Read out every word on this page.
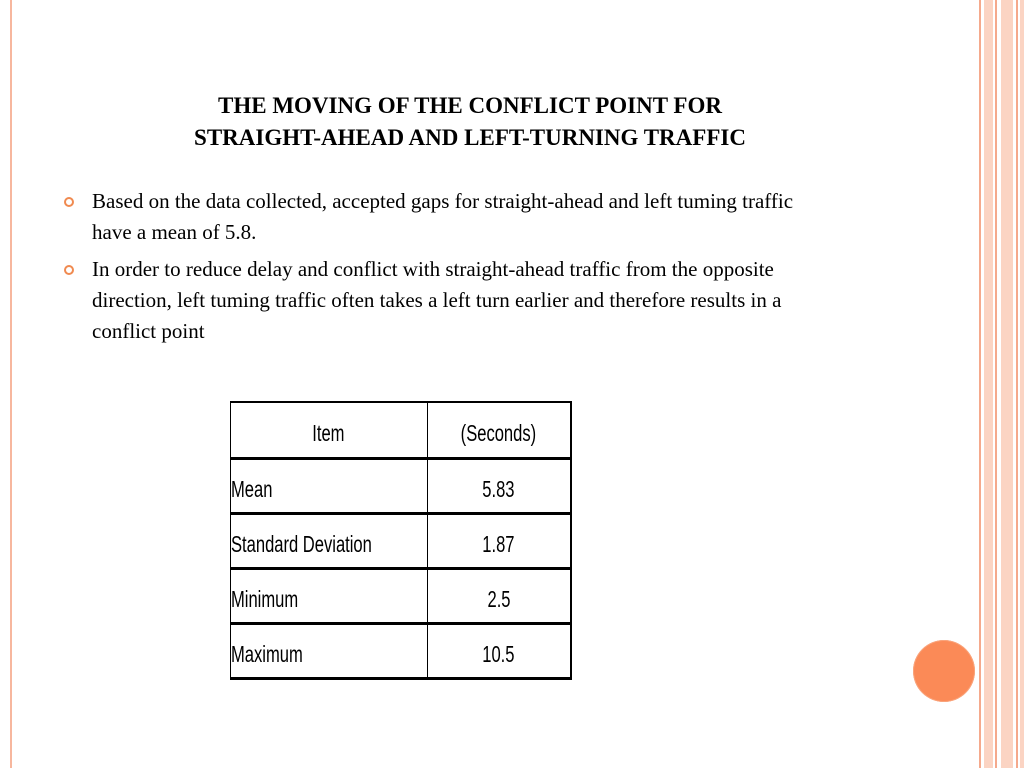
THE MOVING OF THE CONFLICT POINT FOR
STRAIGHT-AHEAD AND LEFT-TURNING TRAFFIC
Based on the data collected, accepted gaps for straight-ahead and left tuming traffic have a mean of 5.8.
In order to reduce delay and conflict with straight-ahead traffic from the opposite direction, left tuming traffic often takes a left turn earlier and therefore results in a conflict point
Item	(Seconds)
Mean	5.83
Standard Deviation	1.87
Minimum	2.5
Maximum	10.5
